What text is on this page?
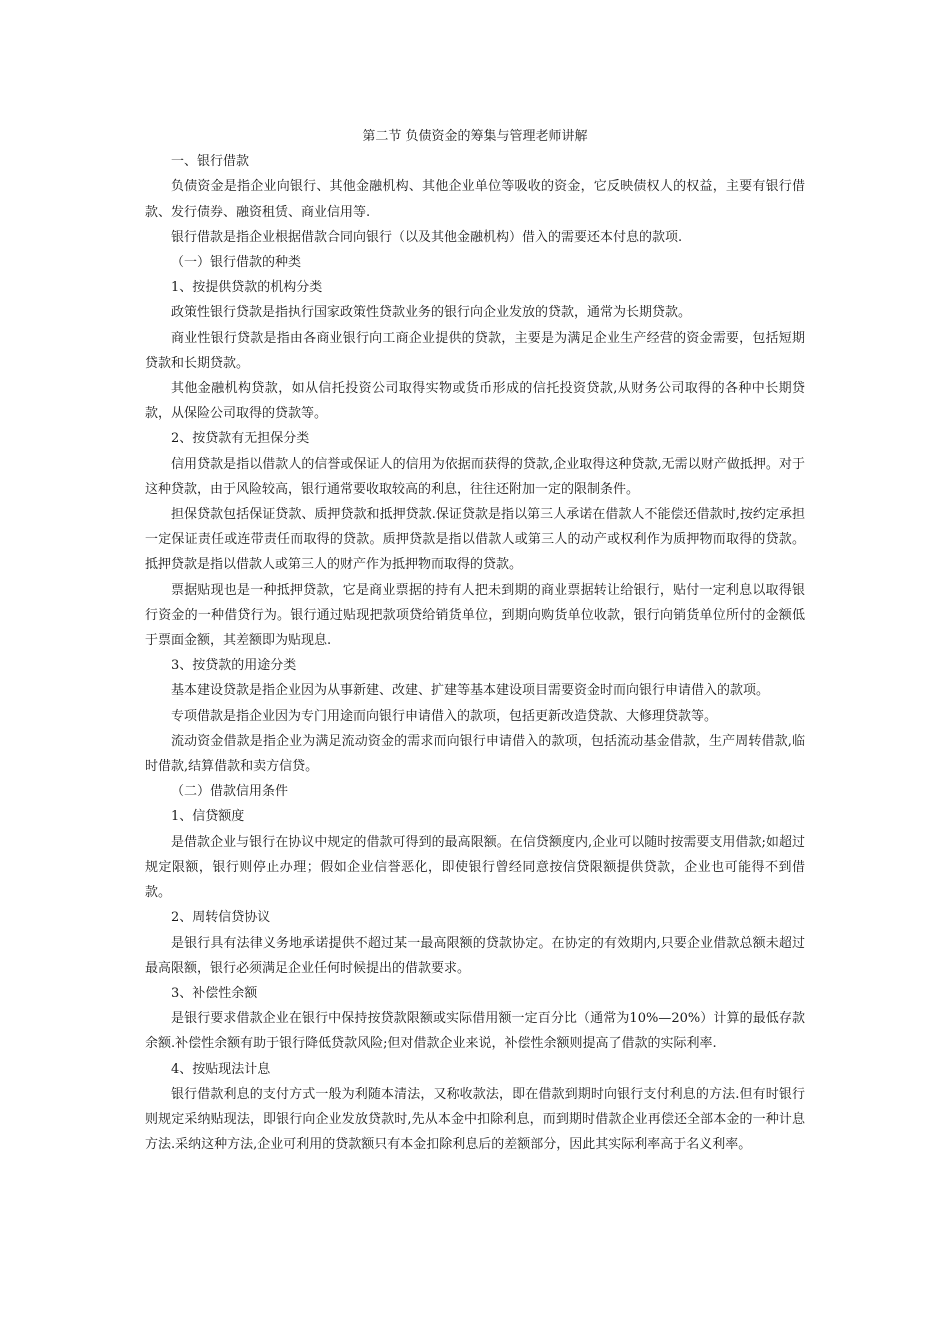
第二节 负债资金的筹集与管理老师讲解

一、银行借款

负债资金是指企业向银行、其他金融机构、其他企业单位等吸收的资金，它反映债权人的权益，主要有银行借款、发行债券、融资租赁、商业信用等.

银行借款是指企业根据借款合同向银行（以及其他金融机构）借入的需要还本付息的款项.

（一）银行借款的种类

1、按提供贷款的机构分类

政策性银行贷款是指执行国家政策性贷款业务的银行向企业发放的贷款，通常为长期贷款。

商业性银行贷款是指由各商业银行向工商企业提供的贷款，主要是为满足企业生产经营的资金需要，包括短期贷款和长期贷款。

其他金融机构贷款，如从信托投资公司取得实物或货币形成的信托投资贷款,从财务公司取得的各种中长期贷款，从保险公司取得的贷款等。

2、按贷款有无担保分类

信用贷款是指以借款人的信誉或保证人的信用为依据而获得的贷款,企业取得这种贷款,无需以财产做抵押。对于这种贷款，由于风险较高，银行通常要收取较高的利息，往往还附加一定的限制条件。

担保贷款包括保证贷款、质押贷款和抵押贷款.保证贷款是指以第三人承诺在借款人不能偿还借款时,按约定承担一定保证责任或连带责任而取得的贷款。质押贷款是指以借款人或第三人的动产或权利作为质押物而取得的贷款。抵押贷款是指以借款人或第三人的财产作为抵押物而取得的贷款。

票据贴现也是一种抵押贷款，它是商业票据的持有人把未到期的商业票据转让给银行，贴付一定利息以取得银行资金的一种借贷行为。银行通过贴现把款项贷给销货单位，到期向购货单位收款，银行向销货单位所付的金额低于票面金额，其差额即为贴现息.

3、按贷款的用途分类

基本建设贷款是指企业因为从事新建、改建、扩建等基本建设项目需要资金时而向银行申请借入的款项。

专项借款是指企业因为专门用途而向银行申请借入的款项，包括更新改造贷款、大修理贷款等。

流动资金借款是指企业为满足流动资金的需求而向银行申请借入的款项，包括流动基金借款，生产周转借款,临时借款,结算借款和卖方信贷。

（二）借款信用条件

1、信贷额度

是借款企业与银行在协议中规定的借款可得到的最高限额。在信贷额度内,企业可以随时按需要支用借款;如超过规定限额，银行则停止办理；假如企业信誉恶化，即使银行曾经同意按信贷限额提供贷款，企业也可能得不到借款。

2、周转信贷协议

是银行具有法律义务地承诺提供不超过某一最高限额的贷款协定。在协定的有效期内,只要企业借款总额未超过最高限额，银行必须满足企业任何时候提出的借款要求。

3、补偿性余额

是银行要求借款企业在银行中保持按贷款限额或实际借用额一定百分比（通常为10%—20%）计算的最低存款余额.补偿性余额有助于银行降低贷款风险;但对借款企业来说，补偿性余额则提高了借款的实际利率.

4、按贴现法计息

银行借款利息的支付方式一般为利随本清法，又称收款法，即在借款到期时向银行支付利息的方法.但有时银行则规定采纳贴现法，即银行向企业发放贷款时,先从本金中扣除利息，而到期时借款企业再偿还全部本金的一种计息方法.采纳这种方法,企业可利用的贷款额只有本金扣除利息后的差额部分，因此其实际利率高于名义利率。
